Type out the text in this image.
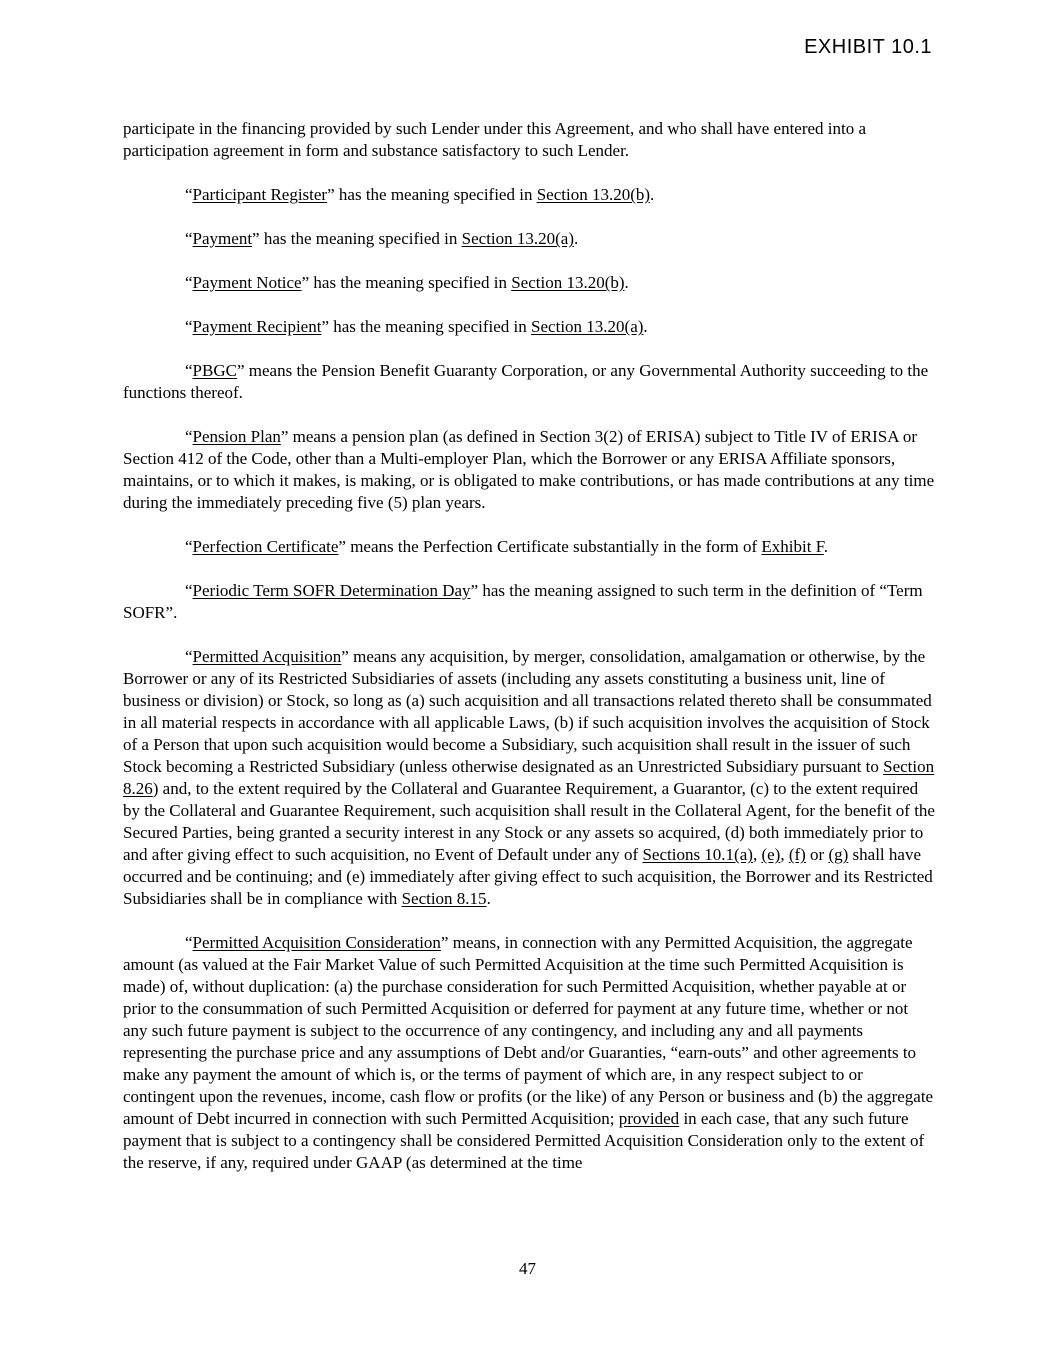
EXHIBIT 10.1

participate in the financing provided by such Lender under this Agreement, and who shall have entered into a participation agreement in form and substance satisfactory to such Lender.

“Participant Register” has the meaning specified in Section 13.20(b).

“Payment” has the meaning specified in Section 13.20(a).

“Payment Notice” has the meaning specified in Section 13.20(b).

“Payment Recipient” has the meaning specified in Section 13.20(a).

“PBGC” means the Pension Benefit Guaranty Corporation, or any Governmental Authority succeeding to the functions thereof.

“Pension Plan” means a pension plan (as defined in Section 3(2) of ERISA) subject to Title IV of ERISA or Section 412 of the Code, other than a Multi-employer Plan, which the Borrower or any ERISA Affiliate sponsors, maintains, or to which it makes, is making, or is obligated to make contributions, or has made contributions at any time during the immediately preceding five (5) plan years.

“Perfection Certificate” means the Perfection Certificate substantially in the form of Exhibit F.

“Periodic Term SOFR Determination Day” has the meaning assigned to such term in the definition of “Term SOFR”.

“Permitted Acquisition” means any acquisition, by merger, consolidation, amalgamation or otherwise, by the Borrower or any of its Restricted Subsidiaries of assets (including any assets constituting a business unit, line of business or division) or Stock, so long as (a) such acquisition and all transactions related thereto shall be consummated in all material respects in accordance with all applicable Laws, (b) if such acquisition involves the acquisition of Stock of a Person that upon such acquisition would become a Subsidiary, such acquisition shall result in the issuer of such Stock becoming a Restricted Subsidiary (unless otherwise designated as an Unrestricted Subsidiary pursuant to Section 8.26) and, to the extent required by the Collateral and Guarantee Requirement, a Guarantor, (c) to the extent required by the Collateral and Guarantee Requirement, such acquisition shall result in the Collateral Agent, for the benefit of the Secured Parties, being granted a security interest in any Stock or any assets so acquired, (d) both immediately prior to and after giving effect to such acquisition, no Event of Default under any of Sections 10.1(a), (e), (f) or (g) shall have occurred and be continuing; and (e) immediately after giving effect to such acquisition, the Borrower and its Restricted Subsidiaries shall be in compliance with Section 8.15.

“Permitted Acquisition Consideration” means, in connection with any Permitted Acquisition, the aggregate amount (as valued at the Fair Market Value of such Permitted Acquisition at the time such Permitted Acquisition is made) of, without duplication: (a) the purchase consideration for such Permitted Acquisition, whether payable at or prior to the consummation of such Permitted Acquisition or deferred for payment at any future time, whether or not any such future payment is subject to the occurrence of any contingency, and including any and all payments representing the purchase price and any assumptions of Debt and/or Guaranties, “earn-outs” and other agreements to make any payment the amount of which is, or the terms of payment of which are, in any respect subject to or contingent upon the revenues, income, cash flow or profits (or the like) of any Person or business and (b) the aggregate amount of Debt incurred in connection with such Permitted Acquisition; provided in each case, that any such future payment that is subject to a contingency shall be considered Permitted Acquisition Consideration only to the extent of the reserve, if any, required under GAAP (as determined at the time

47
